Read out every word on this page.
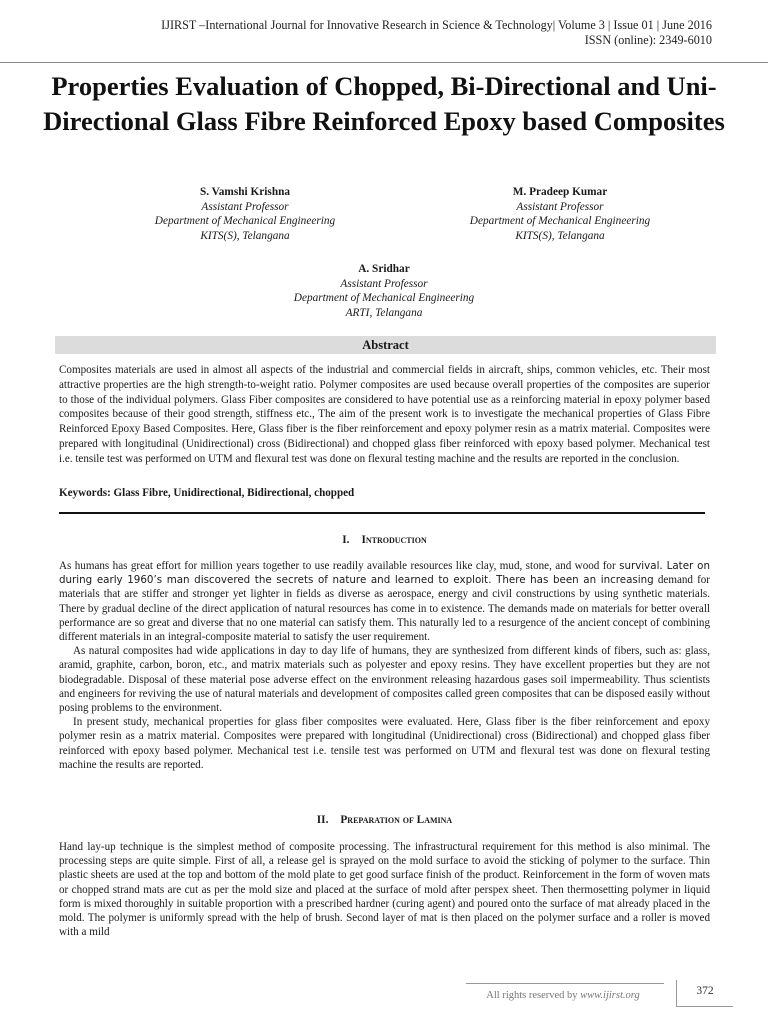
IJIRST –International Journal for Innovative Research in Science & Technology| Volume 3 | Issue 01 | June 2016
ISSN (online): 2349-6010
Properties Evaluation of Chopped, Bi-Directional and Uni-Directional Glass Fibre Reinforced Epoxy based Composites
S. Vamshi Krishna
Assistant Professor
Department of Mechanical Engineering
KITS(S), Telangana
M. Pradeep Kumar
Assistant Professor
Department of Mechanical Engineering
KITS(S), Telangana
A. Sridhar
Assistant Professor
Department of Mechanical Engineering
ARTI, Telangana
Abstract

Composites materials are used in almost all aspects of the industrial and commercial fields in aircraft, ships, common vehicles, etc. Their most attractive properties are the high strength-to-weight ratio. Polymer composites are used because overall properties of the composites are superior to those of the individual polymers. Glass Fiber composites are considered to have potential use as a reinforcing material in epoxy polymer based composites because of their good strength, stiffness etc., The aim of the present work is to investigate the mechanical properties of Glass Fibre Reinforced Epoxy Based Composites. Here, Glass fiber is the fiber reinforcement and epoxy polymer resin as a matrix material. Composites were prepared with longitudinal (Unidirectional) cross (Bidirectional) and chopped glass fiber reinforced with epoxy based polymer. Mechanical test i.e. tensile test was performed on UTM and flexural test was done on flexural testing machine and the results are reported in the conclusion.

Keywords: Glass Fibre, Unidirectional, Bidirectional, chopped

I. Introduction

As humans has great effort for million years together to use readily available resources like clay, mud, stone, and wood for survival. Later on during early 1960’s man discovered the secrets of nature and learned to exploit. There has been an increasing demand for materials that are stiffer and stronger yet lighter in fields as diverse as aerospace, energy and civil constructions by using synthetic materials. There by gradual decline of the direct application of natural resources has come in to existence. The demands made on materials for better overall performance are so great and diverse that no one material can satisfy them. This naturally led to a resurgence of the ancient concept of combining different materials in an integral-composite material to satisfy the user requirement.

As natural composites had wide applications in day to day life of humans, they are synthesized from different kinds of fibers, such as: glass, aramid, graphite, carbon, boron, etc., and matrix materials such as polyester and epoxy resins. They have excellent properties but they are not biodegradable. Disposal of these material pose adverse effect on the environment releasing hazardous gases soil impermeability. Thus scientists and engineers for reviving the use of natural materials and development of composites called green composites that can be disposed easily without posing problems to the environment.

In present study, mechanical properties for glass fiber composites were evaluated. Here, Glass fiber is the fiber reinforcement and epoxy polymer resin as a matrix material. Composites were prepared with longitudinal (Unidirectional) cross (Bidirectional) and chopped glass fiber reinforced with epoxy based polymer. Mechanical test i.e. tensile test was performed on UTM and flexural test was done on flexural testing machine the results are reported.

II. Preparation of Lamina

Hand lay-up technique is the simplest method of composite processing. The infrastructural requirement for this method is also minimal. The processing steps are quite simple. First of all, a release gel is sprayed on the mold surface to avoid the sticking of polymer to the surface. Thin plastic sheets are used at the top and bottom of the mold plate to get good surface finish of the product. Reinforcement in the form of woven mats or chopped strand mats are cut as per the mold size and placed at the surface of mold after perspex sheet. Then thermosetting polymer in liquid form is mixed thoroughly in suitable proportion with a prescribed hardner (curing agent) and poured onto the surface of mat already placed in the mold. The polymer is uniformly spread with the help of brush. Second layer of mat is then placed on the polymer surface and a roller is moved with a mild

All rights reserved by www.ijirst.org	372
